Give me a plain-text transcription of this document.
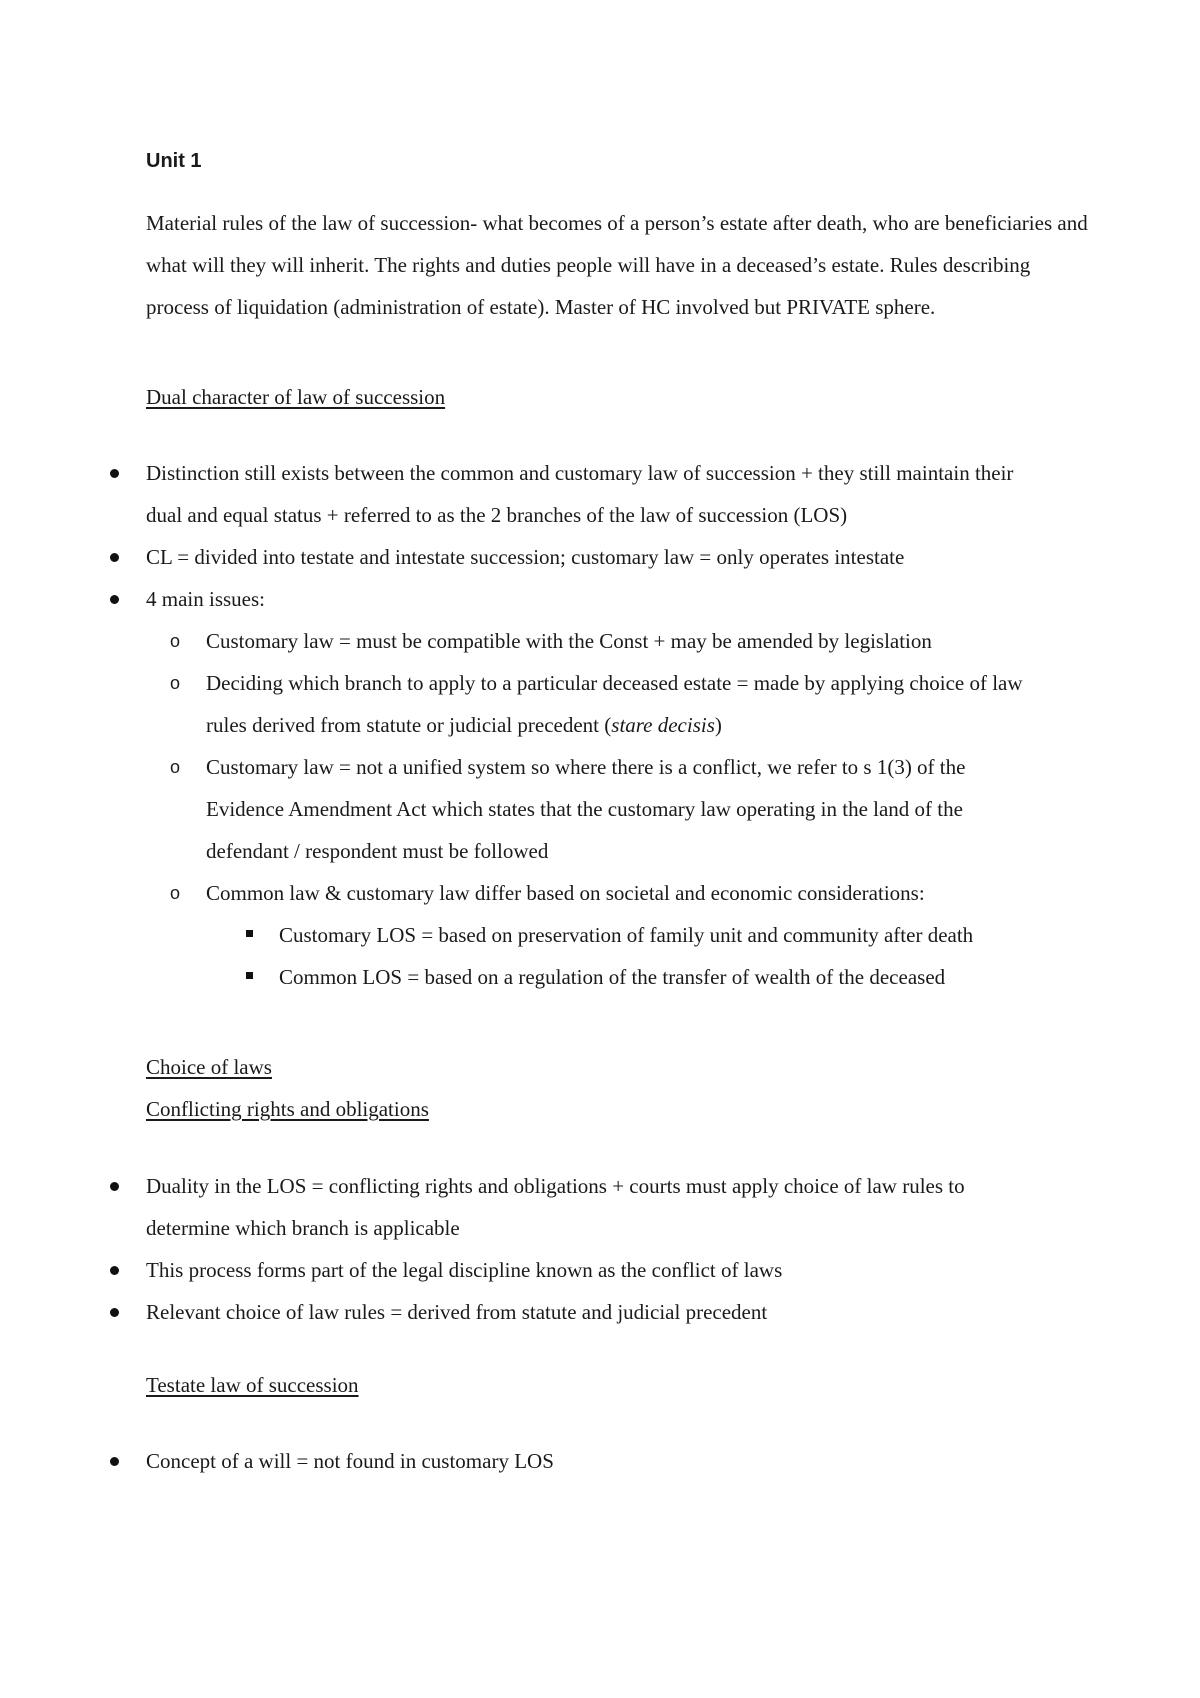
Unit 1
Material rules of the law of succession- what becomes of a person’s estate after death, who are beneficiaries and what will they will inherit. The rights and duties people will have in a deceased’s estate. Rules describing process of liquidation (administration of estate). Master of HC involved but PRIVATE sphere.
Dual character of law of succession
Distinction still exists between the common and customary law of succession + they still maintain their dual and equal status + referred to as the 2 branches of the law of succession (LOS)
CL = divided into testate and intestate succession; customary law = only operates intestate
4 main issues:
o Customary law = must be compatible with the Const + may be amended by legislation
o Deciding which branch to apply to a particular deceased estate = made by applying choice of law rules derived from statute or judicial precedent (stare decisis)
o Customary law = not a unified system so where there is a conflict, we refer to s 1(3) of the Evidence Amendment Act which states that the customary law operating in the land of the defendant / respondent must be followed
o Common law & customary law differ based on societal and economic considerations:
Customary LOS = based on preservation of family unit and community after death
Common LOS = based on a regulation of the transfer of wealth of the deceased
Choice of laws
Conflicting rights and obligations
Duality in the LOS = conflicting rights and obligations + courts must apply choice of law rules to determine which branch is applicable
This process forms part of the legal discipline known as the conflict of laws
Relevant choice of law rules = derived from statute and judicial precedent
Testate law of succession
Concept of a will = not found in customary LOS
